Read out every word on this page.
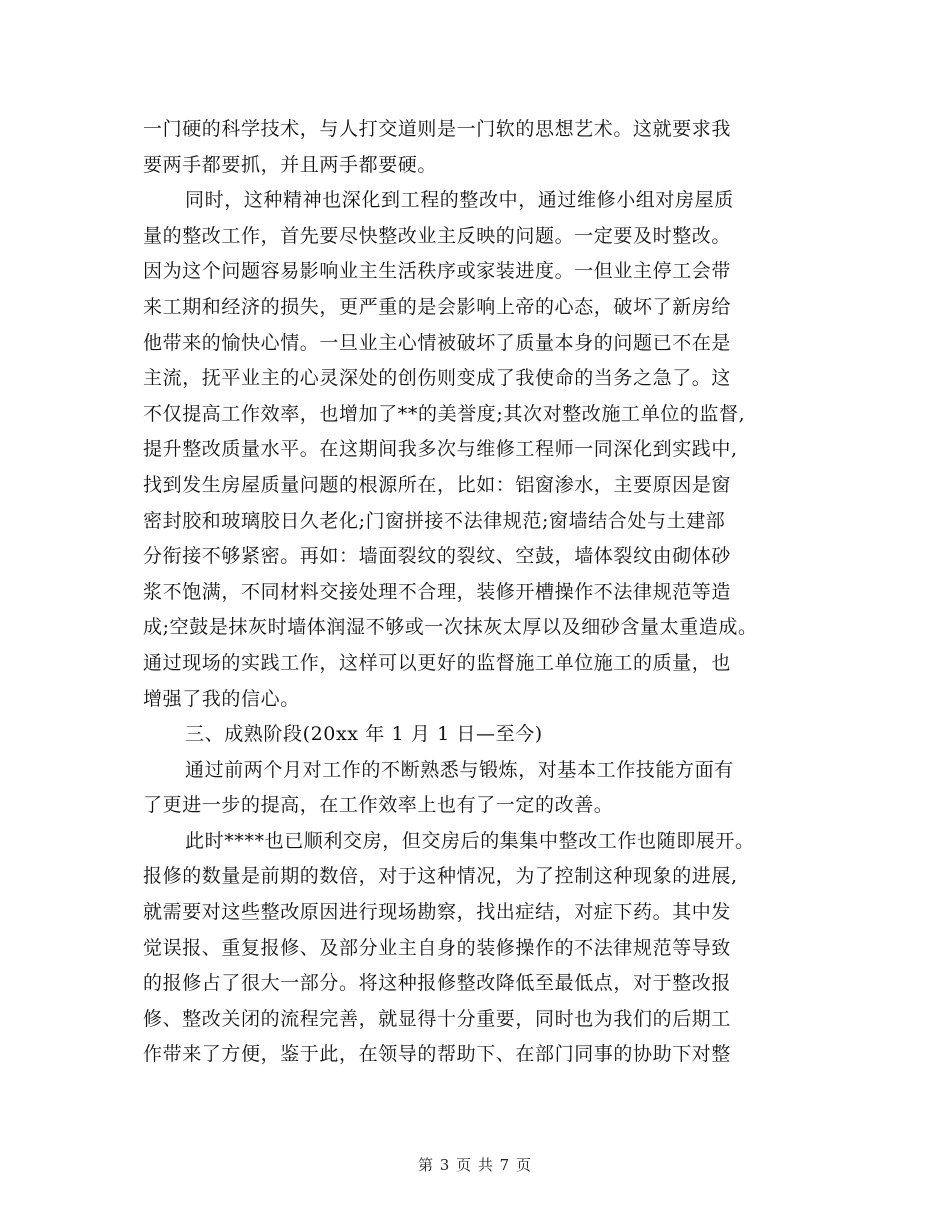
一门硬的科学技术，与人打交道则是一门软的思想艺术。这就要求我
要两手都要抓，并且两手都要硬。
同时，这种精神也深化到工程的整改中，通过维修小组对房屋质
量的整改工作，首先要尽快整改业主反映的问题。一定要及时整改。
因为这个问题容易影响业主生活秩序或家装进度。一但业主停工会带
来工期和经济的损失，更严重的是会影响上帝的心态，破坏了新房给
他带来的愉快心情。一旦业主心情被破坏了质量本身的问题已不在是
主流，抚平业主的心灵深处的创伤则变成了我使命的当务之急了。这
不仅提高工作效率，也增加了**的美誉度;其次对整改施工单位的监督,
提升整改质量水平。在这期间我多次与维修工程师一同深化到实践中,
找到发生房屋质量问题的根源所在，比如：铝窗渗水，主要原因是窗
密封胶和玻璃胶日久老化;门窗拼接不法律规范;窗墙结合处与土建部
分衔接不够紧密。再如：墙面裂纹的裂纹、空鼓，墙体裂纹由砌体砂
浆不饱满，不同材料交接处理不合理，装修开槽操作不法律规范等造
成;空鼓是抹灰时墙体润湿不够或一次抹灰太厚以及细砂含量太重造成。
通过现场的实践工作，这样可以更好的监督施工单位施工的质量，也
增强了我的信心。
三、成熟阶段(20xx 年 1 月 1 日—至今)
通过前两个月对工作的不断熟悉与锻炼，对基本工作技能方面有
了更进一步的提高，在工作效率上也有了一定的改善。
此时****也已顺利交房，但交房后的集集中整改工作也随即展开。
报修的数量是前期的数倍，对于这种情况，为了控制这种现象的进展,
就需要对这些整改原因进行现场勘察，找出症结，对症下药。其中发
觉误报、重复报修、及部分业主自身的装修操作的不法律规范等导致
的报修占了很大一部分。将这种报修整改降低至最低点，对于整改报
修、整改关闭的流程完善，就显得十分重要，同时也为我们的后期工
作带来了方便，鉴于此，在领导的帮助下、在部门同事的协助下对整
第 3 页 共 7 页
